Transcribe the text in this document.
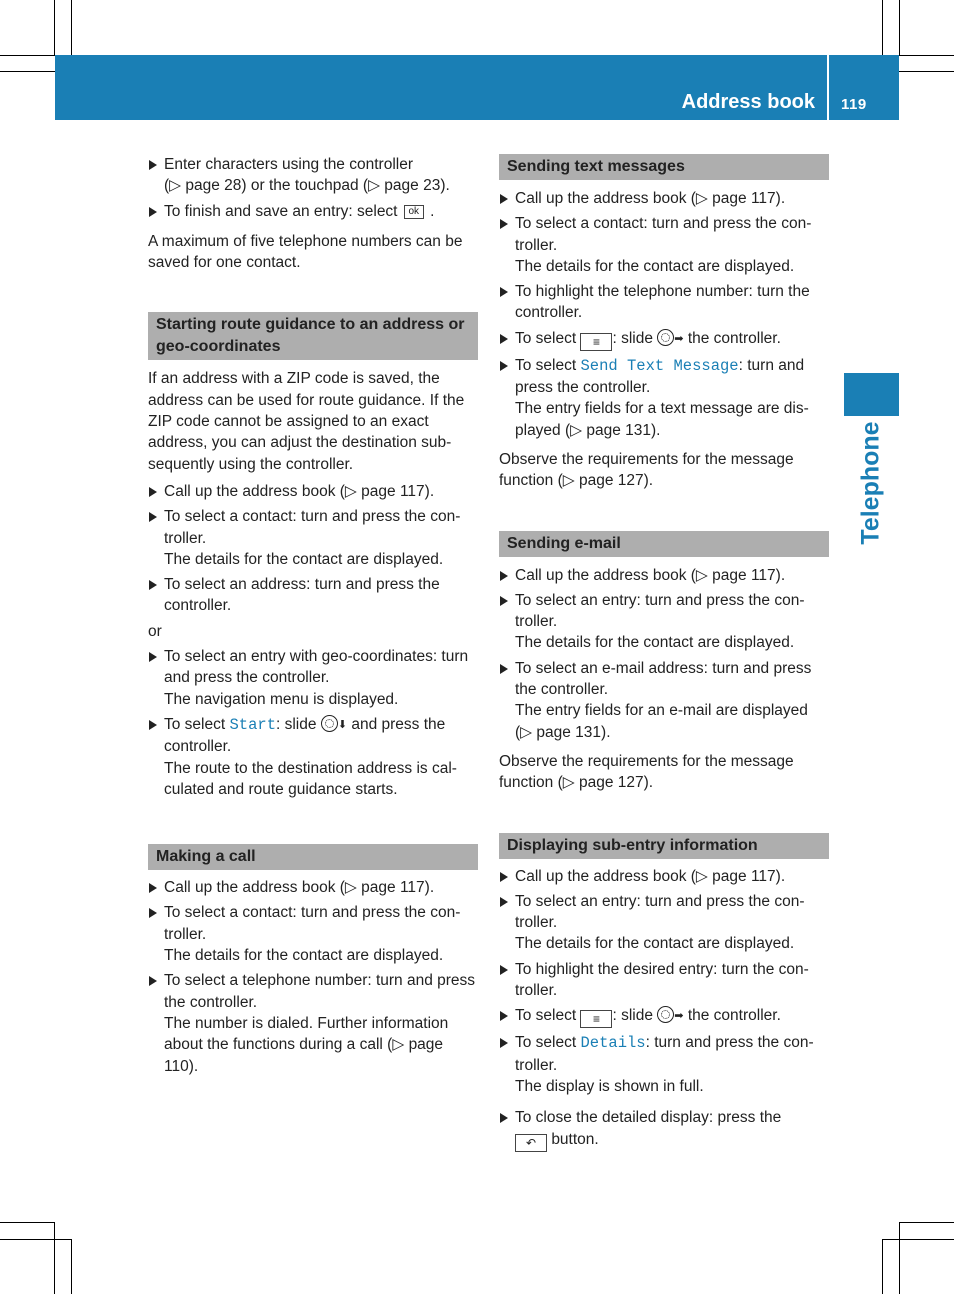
Address book 119
Telephone
Enter characters using the controller
(▷ page 28) or the touchpad (▷ page 23).
To finish and save an entry: select ok .

A maximum of five telephone numbers can be saved for one contact.

Starting route guidance to an address or geo-coordinates

If an address with a ZIP code is saved, the address can be used for route guidance. If the ZIP code cannot be assigned to an exact address, you can adjust the destination sub-sequently using the controller.

Call up the address book (▷ page 117).
To select a contact: turn and press the con-troller.
The details for the contact are displayed.
To select an address: turn and press the controller.

or

To select an entry with geo-coordinates: turn and press the controller.
The navigation menu is displayed.
To select Start: slide ⬇ and press the controller.
The route to the destination address is cal-culated and route guidance starts.
Making a call
Call up the address book (▷ page 117).
To select a contact: turn and press the con-troller.
The details for the contact are displayed.
To select a telephone number: turn and press the controller.
The number is dialed. Further information about the functions during a call (▷ page 110).
Sending text messages
Call up the address book (▷ page 117).
To select a contact: turn and press the con-troller.
The details for the contact are displayed.
To highlight the telephone number: turn the controller.
To select ≡ : slide ➡ the controller.
To select Send Text Message: turn and press the controller.
The entry fields for a text message are dis-played (▷ page 131).

Observe the requirements for the message function (▷ page 127).

Sending e-mail
Call up the address book (▷ page 117).
To select an entry: turn and press the con-troller.
The details for the contact are displayed.
To select an e-mail address: turn and press the controller.
The entry fields for an e-mail are displayed (▷ page 131).

Observe the requirements for the message function (▷ page 127).

Displaying sub-entry information
Call up the address book (▷ page 117).
To select an entry: turn and press the con-troller.
The details for the contact are displayed.
To highlight the desired entry: turn the con-troller.
To select ≡ : slide ➡ the controller.
To select Details: turn and press the con-troller.
The display is shown in full.
To close the detailed display: press the
↶ button.
